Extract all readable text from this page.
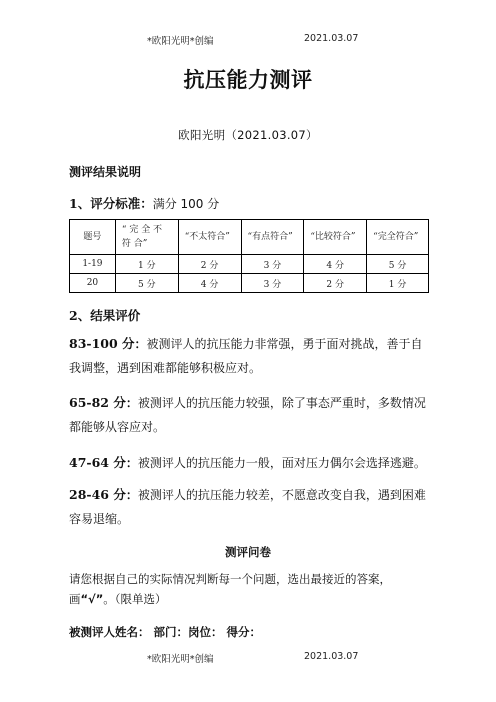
*欧阳光明*创编	2021.03.07
抗压能力测评
欧阳光明（2021.03.07）
测评结果说明
1、评分标准：满分 100 分
题号	“ 完 全 不 符 合”	“不太符合”	“有点符合”	“比较符合”	“完全符合”
1-19	1 分	2 分	3 分	4 分	5 分
20	5 分	4 分	3 分	2 分	1 分
2、结果评价
83-100 分：被测评人的抗压能力非常强，勇于面对挑战，善于自我调整，遇到困难都能够积极应对。
65-82 分：被测评人的抗压能力较强，除了事态严重时，多数情况都能够从容应对。
47-64 分：被测评人的抗压能力一般，面对压力偶尔会选择逃避。
28-46 分：被测评人的抗压能力较差，不愿意改变自我，遇到困难容易退缩。
测评问卷
请您根据自己的实际情况判断每一个问题，选出最接近的答案，画“√”。（限单选）
被测评人姓名： 部门：岗位： 得分：
*欧阳光明*创编	2021.03.07
